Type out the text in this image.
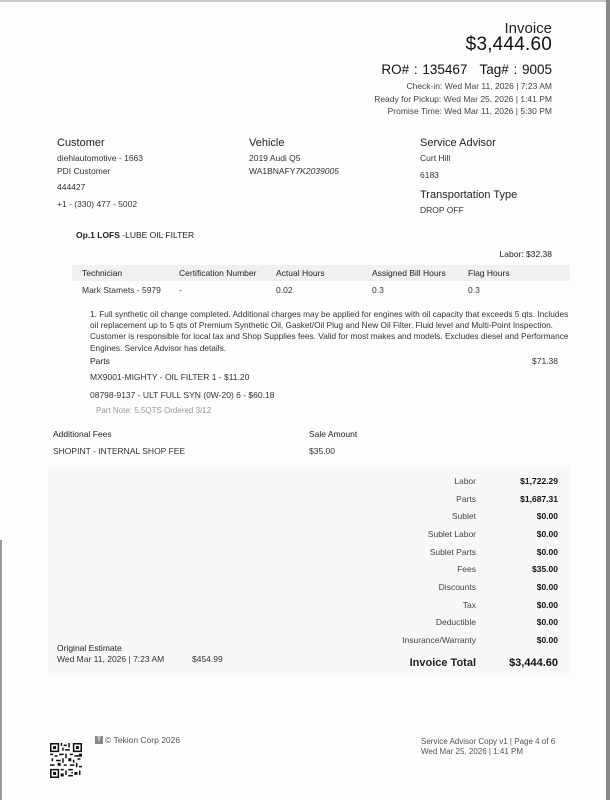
Invoice
$3,444.60
RO# : 135467 Tag# : 9005
Check-in: Wed Mar 11, 2026 | 7:23 AM
Ready for Pickup: Wed Mar 25, 2026 | 1:41 PM
Promise Time: Wed Mar 11, 2026 | 5:30 PM
Customer
diehlautomotive - 1663
PDI Customer
444427
+1 - (330) 477 - 5002
Vehicle
2019 Audi Q5
WA1BNAFY7K2039005
Service Advisor
Curt Hill
6183
Transportation Type
DROP OFF
Op.1 LOFS -LUBE OIL FILTER
Labor: $32.38
Technician	Certification Number	Actual Hours	Assigned Bill Hours	Flag Hours
Mark Stamets - 5979	-	0.02	0.3	0.3
1. Full synthetic oil change completed. Additional charges may be applied for engines with oil capacity that exceeds 5 qts. Includes oil replacement up to 5 qts of Premium Synthetic Oil, Gasket/Oil Plug and New Oil Filter. Fluid level and Multi-Point Inspection. Customer is responsible for local tax and Shop Supplies fees. Valid for most makes and models. Excludes diesel and Performance Engines. Service Advisor has details.
Parts	$71.38
MX9001-MIGHTY - OIL FILTER 1 - $11.20
08798-9137 - ULT FULL SYN (0W-20) 6 - $60.18
Part Note: 5.5QTS Ordered 3/12
Additional Fees	Sale Amount
SHOPINT - INTERNAL SHOP FEE	$35.00
Labor	$1,722.29
Parts	$1,687.31
Sublet	$0.00
Sublet Labor	$0.00
Sublet Parts	$0.00
Fees	$35.00
Discounts	$0.00
Tax	$0.00
Deductible	$0.00
Insurance/Warranty	$0.00
Invoice Total	$3,444.60
Original Estimate
Wed Mar 11, 2026 | 7:23 AM	$454.99
T © Tekion Corp 2026	Service Advisor Copy v1 | Page 4 of 6
Wed Mar 25, 2026 | 1:41 PM
